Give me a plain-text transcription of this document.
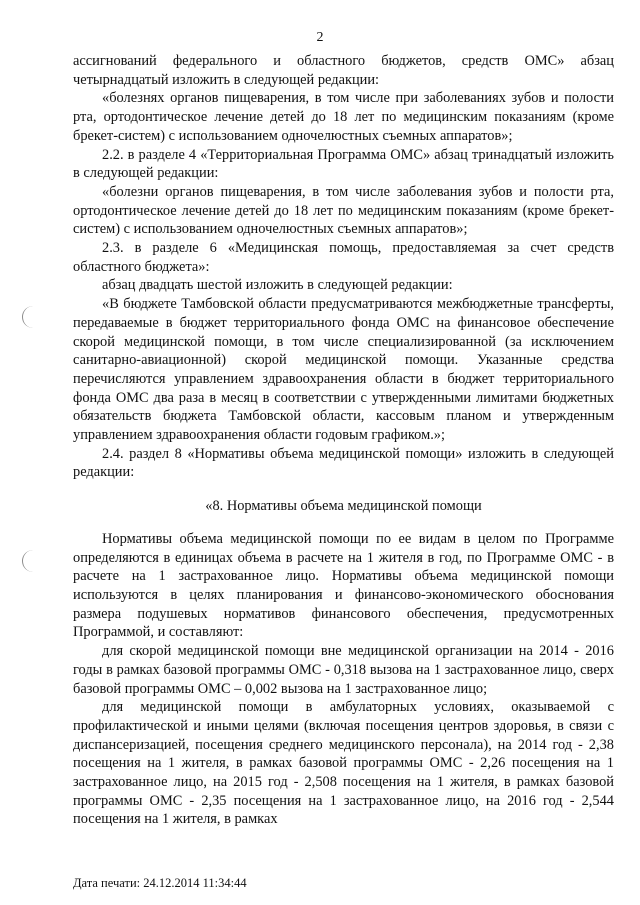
2

ассигнований федерального и областного бюджетов, средств ОМС» абзац четырнадцатый изложить в следующей редакции:

«болезнях органов пищеварения, в том числе при заболеваниях зубов и полости рта, ортодонтическое лечение детей до 18 лет по медицинским показаниям (кроме брекет-систем) с использованием одночелюстных съемных аппаратов»;

2.2. в разделе 4 «Территориальная Программа ОМС» абзац тринадцатый изложить в следующей редакции:

«болезни органов пищеварения, в том числе заболевания зубов и полости рта, ортодонтическое лечение детей до 18 лет по медицинским показаниям (кроме брекет-систем) с использованием одночелюстных съемных аппаратов»;

2.3. в разделе 6 «Медицинская помощь, предоставляемая за счет средств областного бюджета»:

абзац двадцать шестой изложить в следующей редакции:

«В бюджете Тамбовской области предусматриваются межбюджетные трансферты, передаваемые в бюджет территориального фонда ОМС на финансовое обеспечение скорой медицинской помощи, в том числе специализированной (за исключением санитарно-авиационной) скорой медицинской помощи. Указанные средства перечисляются управлением здравоохранения области в бюджет территориального фонда ОМС два раза в месяц в соответствии с утвержденными лимитами бюджетных обязательств бюджета Тамбовской области, кассовым планом и утвержденным управлением здравоохранения области годовым графиком.»;

2.4. раздел 8 «Нормативы объема медицинской помощи» изложить в следующей редакции:

«8. Нормативы объема медицинской помощи

Нормативы объема медицинской помощи по ее видам в целом по Программе определяются в единицах объема в расчете на 1 жителя в год, по Программе ОМС - в расчете на 1 застрахованное лицо. Нормативы объема медицинской помощи используются в целях планирования и финансово-экономического обоснования размера подушевых нормативов финансового обеспечения, предусмотренных Программой, и составляют:

для скорой медицинской помощи вне медицинской организации на 2014 - 2016 годы в рамках базовой программы ОМС - 0,318 вызова на 1 застрахованное лицо, сверх базовой программы ОМС – 0,002 вызова на 1 застрахованное лицо;

для медицинской помощи в амбулаторных условиях, оказываемой с профилактической и иными целями (включая посещения центров здоровья, в связи с диспансеризацией, посещения среднего медицинского персонала), на 2014 год - 2,38 посещения на 1 жителя, в рамках базовой программы ОМС - 2,26 посещения на 1 застрахованное лицо, на 2015 год - 2,508 посещения на 1 жителя, в рамках базовой программы ОМС - 2,35 посещения на 1 застрахованное лицо, на 2016 год - 2,544 посещения на 1 жителя, в рамках

Дата печати: 24.12.2014 11:34:44
